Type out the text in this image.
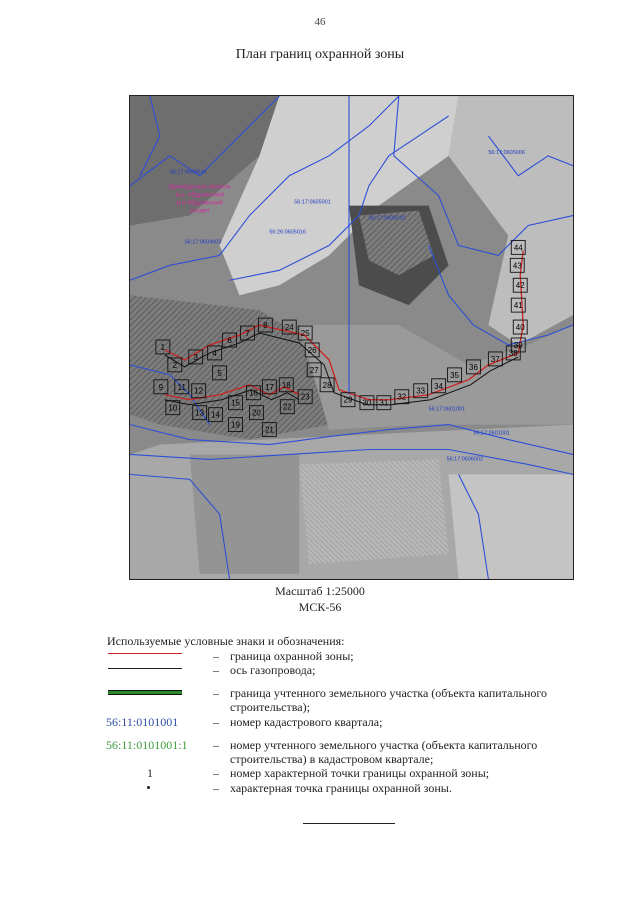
46
План границ охранной зоны
1
2
3 4
5
6
7
8
9
10
11 12
13 14
15
16
17 18
19
20
21
22
23
24
25
26
27
28
29 30 31
32
33
34
35
36
37
38
39
40
41
42
43
44
56:17:0605044
56:17:0605001
56:26:0605016
56:17:0605010
56:17:0605006
56:17:0604003
56:17:0601001
56:17:0601001
56:17:0606002
Оренбургская область
м.о. Абдулинский
р-н Абдулинский
с/совет
Масштаб 1:25000
МСК-56
Используемые условные знаки и обозначения:
– граница охранной зоны;
– ось газопровода;
– граница учтенного земельного участка (объекта капитального строительства);
56:11:0101001	– номер кадастрового квартала;
56:11:0101001:1 – номер учтенного земельного участка (объекта капитального строительства) в кадастровом квартале;
1	– номер характерной точки границы охранной зоны;
– характерная точка границы охранной зоны.
